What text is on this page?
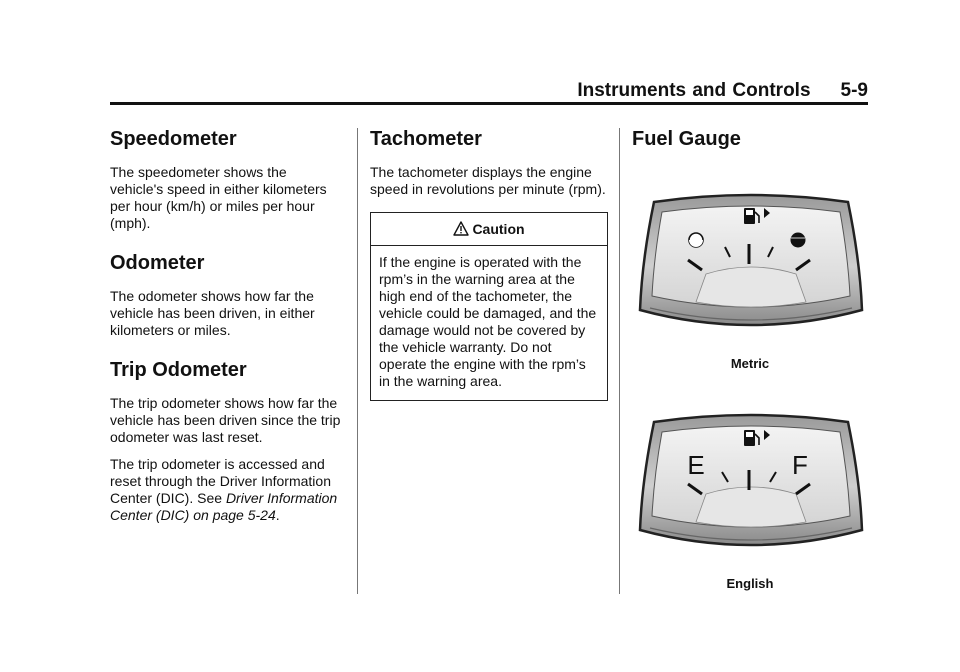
Instruments and Controls 5-9
Speedometer

The speedometer shows the vehicle's speed in either kilometers per hour (km/h) or miles per hour (mph).

Odometer

The odometer shows how far the vehicle has been driven, in either kilometers or miles.

Trip Odometer

The trip odometer shows how far the vehicle has been driven since the trip odometer was last reset.

The trip odometer is accessed and reset through the Driver Information Center (DIC). See Driver Information Center (DIC) on page 5-24.

Tachometer

The tachometer displays the engine speed in revolutions per minute (rpm).

Caution

If the engine is operated with the rpm’s in the warning area at the high end of the tachometer, the vehicle could be damaged, and the damage would not be covered by the vehicle warranty. Do not operate the engine with the rpm’s in the warning area.

Fuel Gauge
Metric
E	F
English
